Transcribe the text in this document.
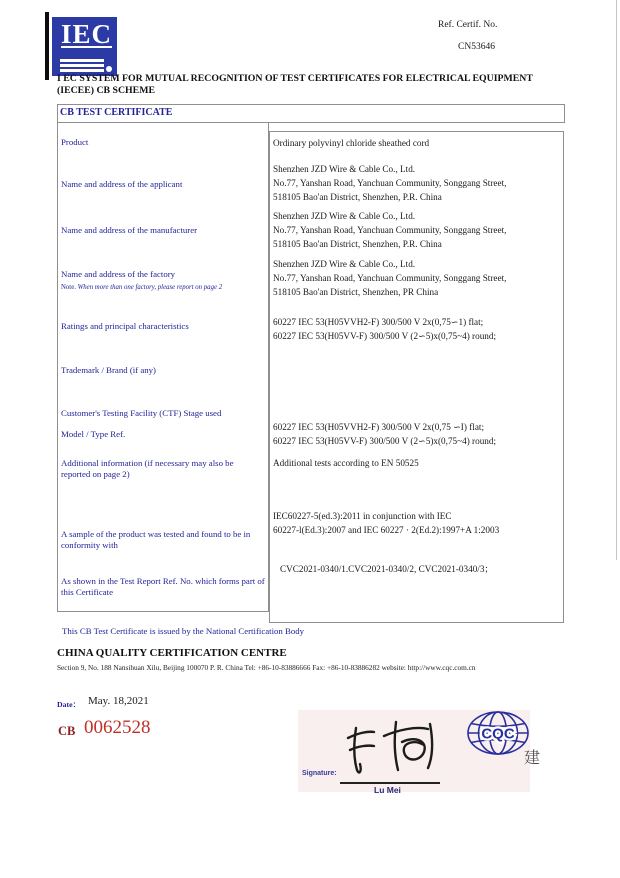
IEC	Ref. Certif. No.
CN53646
I EC SYSTEM FOR MUTUAL RECOGNITION OF TEST CERTIFICATES FOR ELECTRICAL EQUIPMENT
(IECEE) CB SCHEME
CB TEST CERTIFICATE
Product
Name and address of the applicant
Name and address of the manufacturer
Name and address of the factory
Note. When more than one factory, please report on page 2
Ratings and principal characteristics
Trademark / Brand (if any)
Customer's Testing Facility (CTF) Stage used
Model / Type Ref.
Additional information (if necessary may also be reported on page 2)
A sample of the product was tested and found to be in conformity with
As shown in the Test Report Ref. No. which forms part of this Certificate
Ordinary polyvinyl chloride sheathed cord
Shenzhen JZD Wire & Cable Co., Ltd.
No.77, Yanshan Road, Yanchuan Community, Songgang Street,
518105 Bao'an District, Shenzhen, P.R. China
Shenzhen JZD Wire & Cable Co., Ltd.
No.77, Yanshan Road, Yanchuan Community, Songgang Street,
518105 Bao'an District, Shenzhen, P.R. China
Shenzhen JZD Wire & Cable Co., Ltd.
No.77, Yanshan Road, Yanchuan Community, Songgang Street,
518105 Bao'an District, Shenzhen, PR China
60227 IEC 53(H05VVH2-F) 300/500 V 2x(0,75∽1) flat;
60227 IEC 53(H05VV-F) 300/500 V (2∽5)x(0,75~4) round;
60227 IEC 53(H05VVH2-F) 300/500 V 2x(0,75 ∽I) flat;
60227 IEC 53(H05VV-F) 300/500 V (2∽5)x(0,75~4) round;
Additional tests according to EN 50525
IEC60227-5(ed.3):2011 in conjunction with IEC
60227-l(Ed.3):2007 and IEC 60227 · 2(Ed.2):1997+A 1:2003
CVC2021-0340/1.CVC2021-0340/2, CVC2021-0340/3；
This CB Test Certificate is issued by the National Certification Body
CHINA QUALITY CERTIFICATION CENTRE
Section 9, No. 188 Nansihuan Xilu, Beijing 100070 P. R. China Tel: +86-10-83886666 Fax: +86-10-83886282 website: http://www.cqc.com.cn
Date： May. 18,2021
CB 0062528
Signature:
Lu Mei
CQC
建
